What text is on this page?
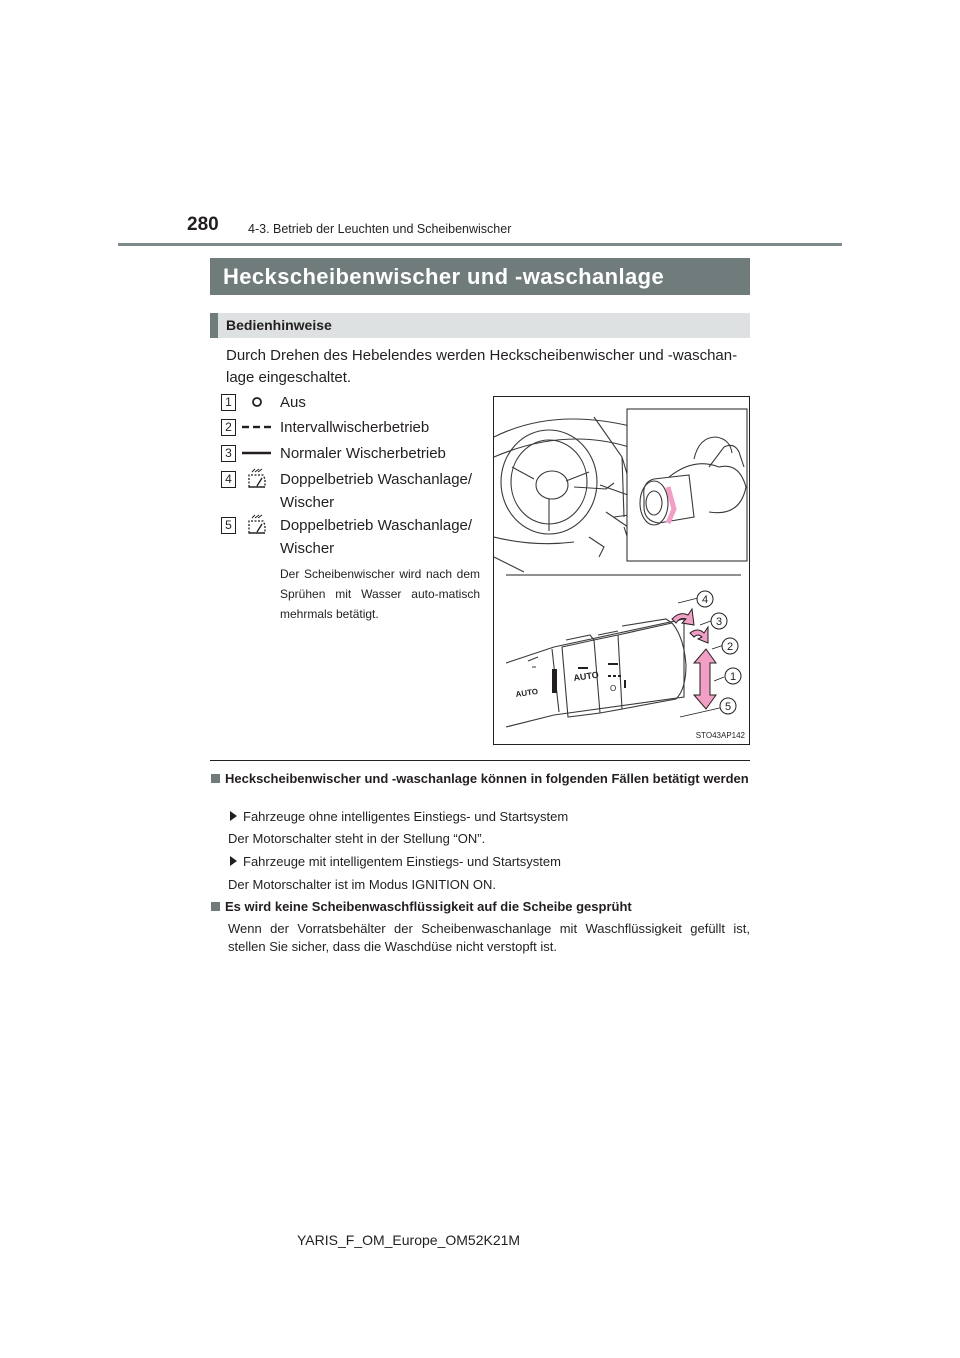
280 4-3. Betrieb der Leuchten und Scheibenwischer
Heckscheibenwischer und -waschanlage
Bedienhinweise
Durch Drehen des Hebelendes werden Heckscheibenwischer und -waschan-lage eingeschaltet.
1	Aus
2	Intervallwischerbetrieb
3	Normaler Wischerbetrieb
4	Doppelbetrieb Waschanlage/ Wischer
5	Doppelbetrieb Waschanlage/ Wischer
Der Scheibenwischer wird nach dem Sprühen mit Wasser auto-matisch mehrmals betätigt.
AUTO
AUTO	O
4
3
2
1
5
STO43AP142
Heckscheibenwischer und -waschanlage können in folgenden Fällen betätigt werden
Fahrzeuge ohne intelligentes Einstiegs- und Startsystem
Der Motorschalter steht in der Stellung “ON”.
Fahrzeuge mit intelligentem Einstiegs- und Startsystem
Der Motorschalter ist im Modus IGNITION ON.
Es wird keine Scheibenwaschflüssigkeit auf die Scheibe gesprüht
Wenn der Vorratsbehälter der Scheibenwaschanlage mit Waschflüssigkeit gefüllt ist, stellen Sie sicher, dass die Waschdüse nicht verstopft ist.
YARIS_F_OM_Europe_OM52K21M
